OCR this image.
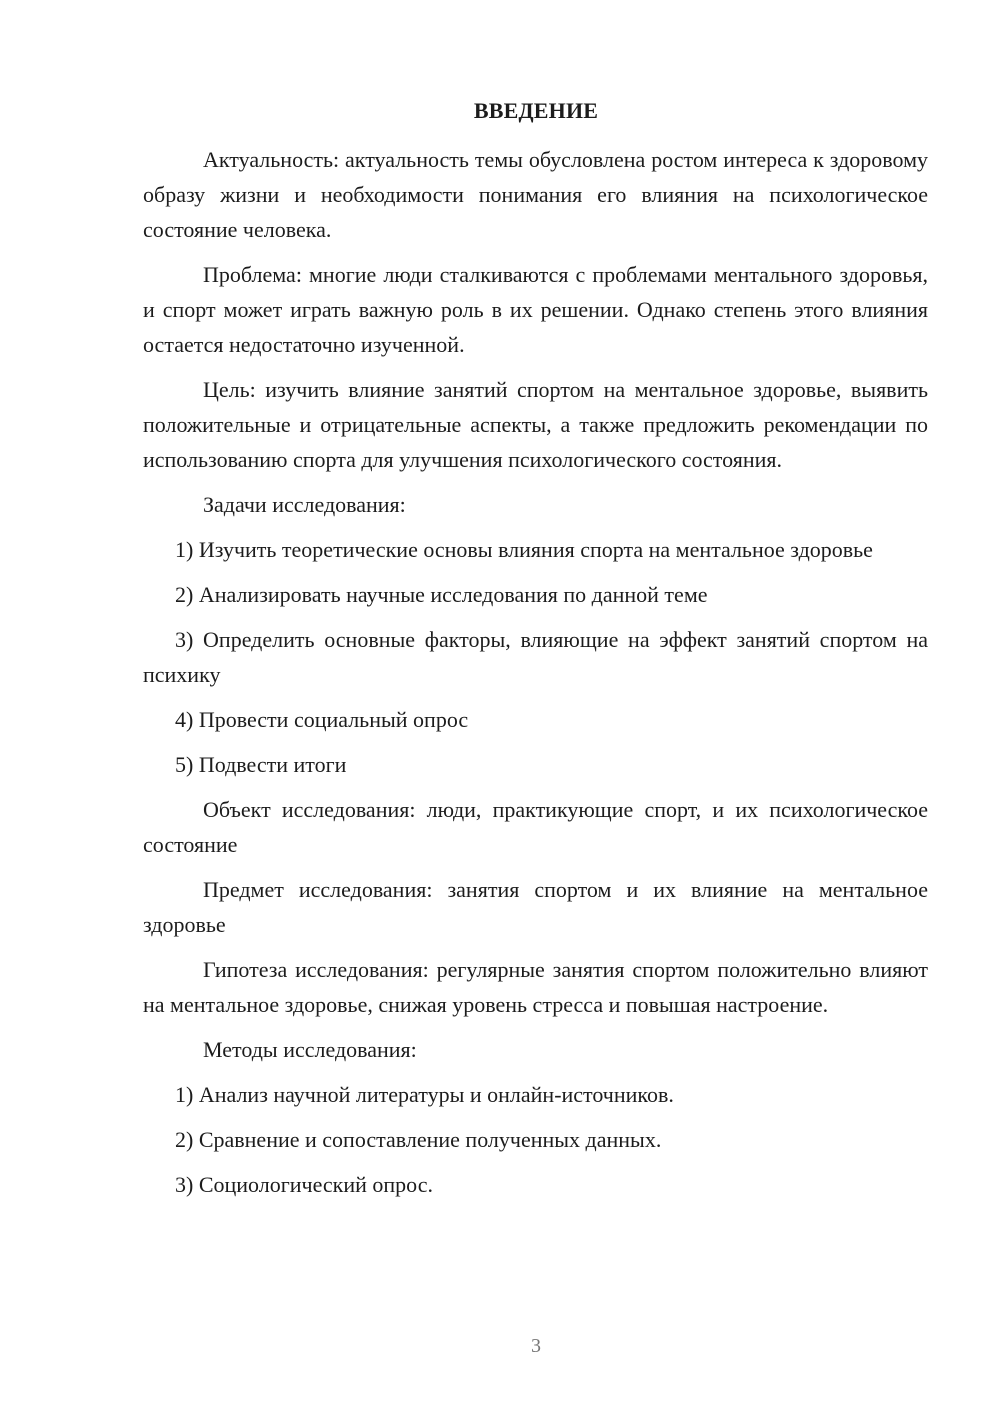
ВВЕДЕНИЕ

Актуальность: актуальность темы обусловлена ростом интереса к здоровому образу жизни и необходимости понимания его влияния на психологическое состояние человека.

Проблема: многие люди сталкиваются с проблемами ментального здоровья, и спорт может играть важную роль в их решении. Однако степень этого влияния остается недостаточно изученной.

Цель: изучить влияние занятий спортом на ментальное здоровье, выявить положительные и отрицательные аспекты, а также предложить рекомендации по использованию спорта для улучшения психологического состояния.

Задачи исследования:

1) Изучить теоретические основы влияния спорта на ментальное здоровье

2) Анализировать научные исследования по данной теме

3) Определить основные факторы, влияющие на эффект занятий спортом на психику

4) Провести социальный опрос

5) Подвести итоги

Объект исследования: люди, практикующие спорт, и их психологическое состояние

Предмет исследования: занятия спортом и их влияние на ментальное здоровье

Гипотеза исследования: регулярные занятия спортом положительно влияют на ментальное здоровье, снижая уровень стресса и повышая настроение.

Методы исследования:

1) Анализ научной литературы и онлайн-источников.

2) Сравнение и сопоставление полученных данных.

3) Социологический опрос.

3
